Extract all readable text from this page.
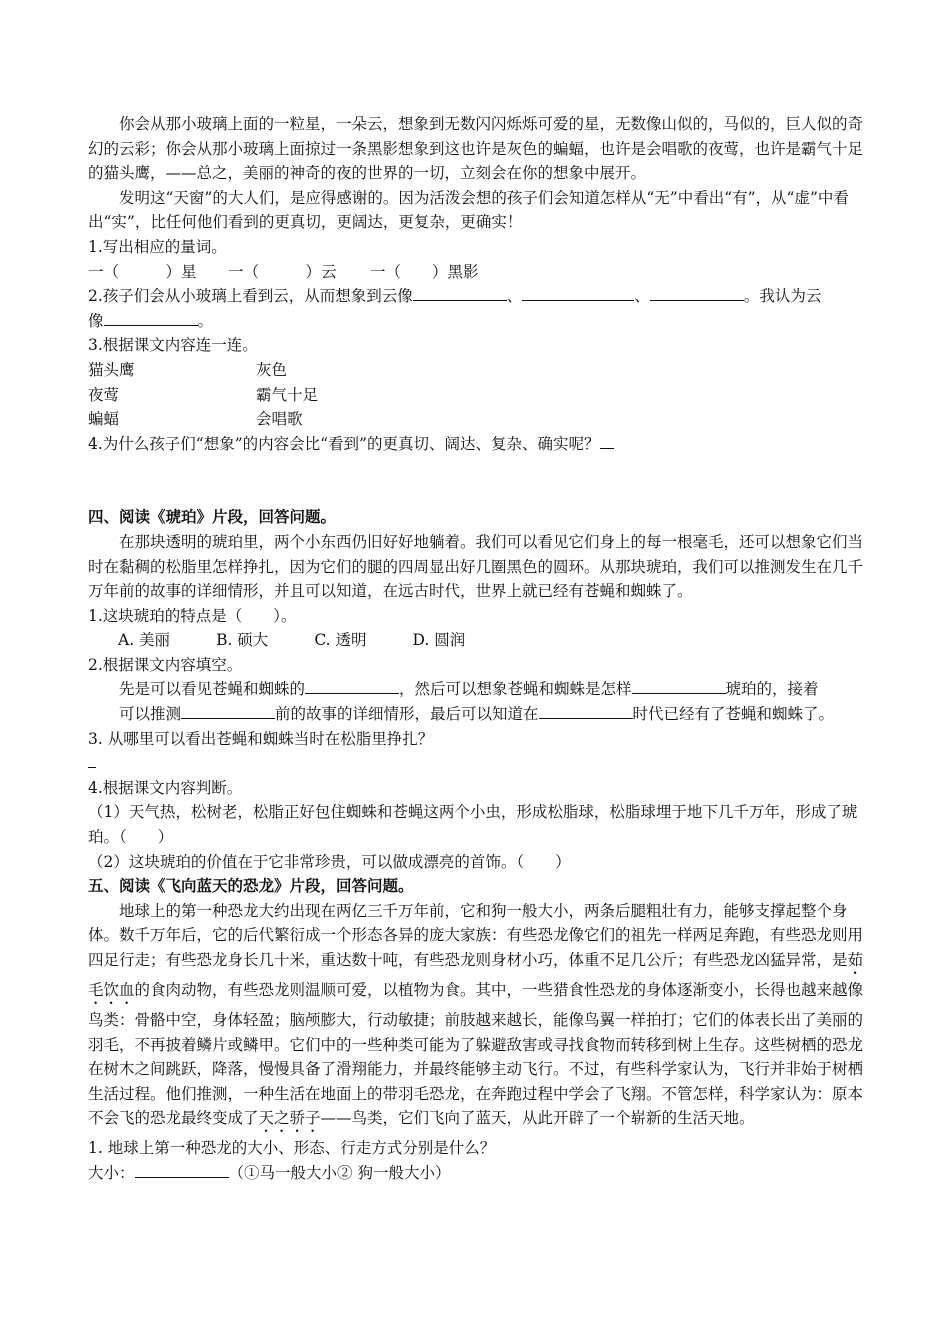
你会从那小玻璃上面的一粒星，一朵云，想象到无数闪闪烁烁可爱的星，无数像山似的，马似的，巨人似的奇幻的云彩；你会从那小玻璃上面掠过一条黑影想象到这也许是灰色的蝙蝠，也许是会唱歌的夜莺，也许是霸气十足的猫头鹰，——总之，美丽的神奇的夜的世界的一切，立刻会在你的想象中展开。

发明这“天窗”的大人们，是应得感谢的。因为活泼会想的孩子们会知道怎样从“无”中看出“有”，从“虚”中看出“实”，比任何他们看到的更真切，更阔达，更复杂，更确实！

1.写出相应的量词。

一（　　　）星	一（　　　）云	一（　　）黑影

2.孩子们会从小玻璃上看到云，从而想象到云像	、	、	。我认为云
像	。

3.根据课文内容连一连。

猫头鹰	灰色
夜莺	霸气十足
蝙蝠	会唱歌

4.为什么孩子们“想象”的内容会比“看到”的更真切、阔达、复杂、确实呢？

四、阅读《琥珀》片段，回答问题。

在那块透明的琥珀里，两个小东西仍旧好好地躺着。我们可以看见它们身上的每一根毫毛，还可以想象它们当时在黏稠的松脂里怎样挣扎，因为它们的腿的四周显出好几圈黑色的圆环。从那块琥珀，我们可以推测发生在几千万年前的故事的详细情形，并且可以知道，在远古时代，世界上就已经有苍蝇和蜘蛛了。

1.这块琥珀的特点是（　　）。

A. 美丽	B. 硕大	C. 透明	D. 圆润

2.根据课文内容填空。

先是可以看见苍蝇和蜘蛛的	，然后可以想象苍蝇和蜘蛛是怎样	琥珀的，接着

可以推测	前的故事的详细情形，最后可以知道在	时代已经有了苍蝇和蜘蛛了。

3. 从哪里可以看出苍蝇和蜘蛛当时在松脂里挣扎？

4.根据课文内容判断。

（1）天气热，松树老，松脂正好包住蜘蛛和苍蝇这两个小虫，形成松脂球，松脂球埋于地下几千万年，形成了琥珀。（　　）

（2）这块琥珀的价值在于它非常珍贵，可以做成漂亮的首饰。（　　）

五、阅读《飞向蓝天的恐龙》片段，回答问题。

地球上的第一种恐龙大约出现在两亿三千万年前，它和狗一般大小，两条后腿粗壮有力，能够支撑起整个身体。数千万年后，它的后代繁衍成一个形态各异的庞大家族：有些恐龙像它们的祖先一样两足奔跑，有些恐龙则用四足行走；有些恐龙身长几十米，重达数十吨，有些恐龙则身材小巧，体重不足几公斤；有些恐龙凶猛异常，是茹毛饮血的食肉动物，有些恐龙则温顺可爱，以植物为食。其中，一些猎食性恐龙的身体逐渐变小，长得也越来越像鸟类：骨骼中空，身体轻盈；脑颅膨大，行动敏捷；前肢越来越长，能像鸟翼一样拍打；它们的体表长出了美丽的羽毛，不再披着鳞片或鳞甲。它们中的一些种类可能为了躲避敌害或寻找食物而转移到树上生存。这些树栖的恐龙在树木之间跳跃，降落，慢慢具备了滑翔能力，并最终能够主动飞行。不过，有些科学家认为，飞行并非始于树栖生活过程。他们推测，一种生活在地面上的带羽毛恐龙，在奔跑过程中学会了飞翔。不管怎样，科学家认为：原本不会飞的恐龙最终变成了天之骄子——鸟类，它们飞向了蓝天，从此开辟了一个崭新的生活天地。

1. 地球上第一种恐龙的大小、形态、行走方式分别是什么？

大小：	（①马一般大小② 狗一般大小）
